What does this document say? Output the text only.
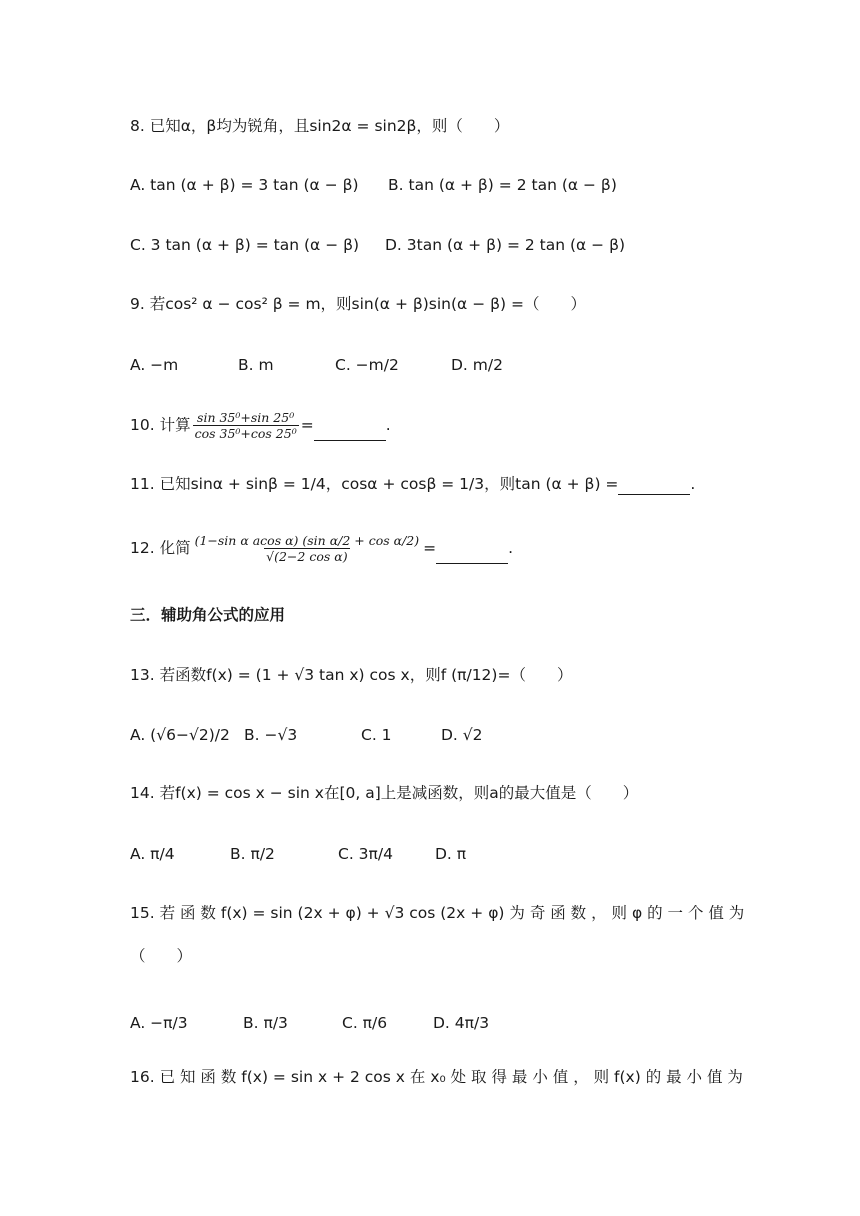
8. 已知α，β均为锐角，且sin2α = sin2β，则（　　）
A. tan (α + β) = 3 tan (α − β) B. tan (α + β) = 2 tan (α − β)
C. 3 tan (α + β) = tan (α − β) D. 3tan (α + β) = 2 tan (α − β)
9. 若cos² α − cos² β = m，则sin(α + β)sin(α − β) =（　　）
A. −m	B. m	C. −m/2	D. m/2
10. 计算 $\frac{\text{sin 35⁰+sin 25⁰}}{\text{cos 35⁰+cos 25⁰}}$ =	.
11. 已知sinα + sinβ = 1/4，cosα + cosβ = 1/3，则tan (α + β) =	.
12. 化简 $\frac{\text{(1−sin α acos α) (sin α/2 + cos α/2)}}{\text{√(2−2 cos α)}}$ =	.
三．辅助角公式的应用
13. 若函数f(x) = (1 + √3 tan x) cos x，则f (π/12)=（　　）
A. (√6−√2)/2 B. −√3	C. 1	D. √2
14. 若f(x) = cos x − sin x在[0, a]上是减函数，则a的最大值是（　　）
A. π/4	B. π/2	C. 3π/4	D. π
15. 若 函 数 f(x) = sin (2x + φ) + √3 cos (2x + φ) 为 奇 函 数 ， 则 φ 的 一 个 值 为
（　　）
A. −π/3	B. π/3	C. π/6	D. 4π/3
16. 已 知 函 数 f(x) = sin x + 2 cos x 在 x₀ 处 取 得 最 小 值 ， 则 f(x) 的 最 小 值 为
